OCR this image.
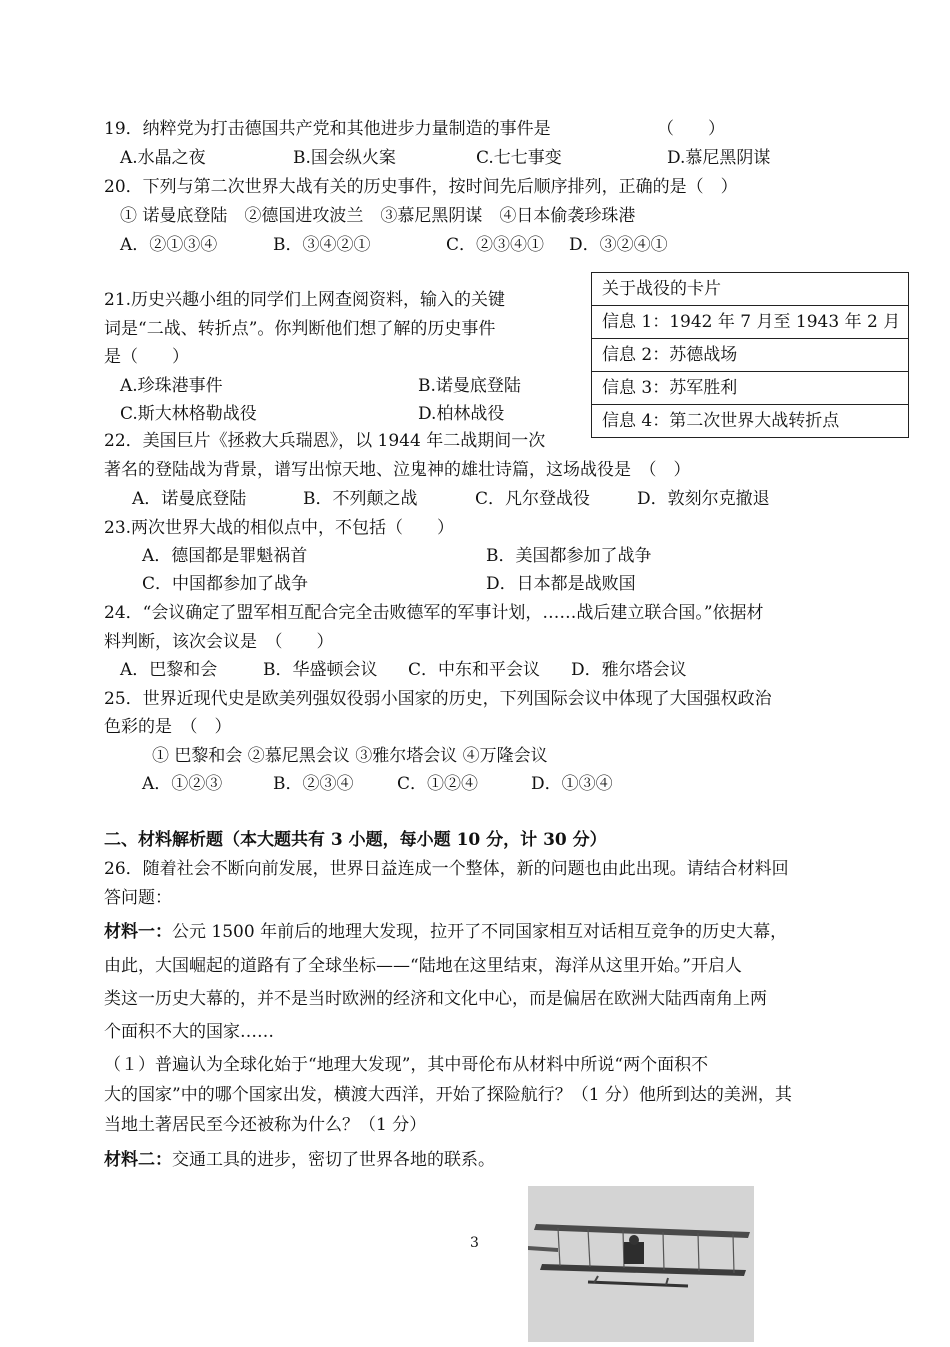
19．纳粹党为打击德国共产党和其他进步力量制造的事件是	（　　）
A.水晶之夜	B.国会纵火案	C.七七事变	D.慕尼黑阴谋
20．下列与第二次世界大战有关的历史事件，按时间先后顺序排列，正确的是（　）
① 诺曼底登陆　②德国进攻波兰　③慕尼黑阴谋　④日本偷袭珍珠港
A．②①③④	B．③④②①	C．②③④① D．③②④①
21.历史兴趣小组的同学们上网查阅资料，输入的关键
词是“二战、转折点”。你判断他们想了解的历史事件
是（　　）
A.珍珠港事件	B.诺曼底登陆
C.斯大林格勒战役	D.柏林战役
关于战役的卡片
信息 1：1942 年 7 月至 1943 年 2 月
信息 2：苏德战场
信息 3：苏军胜利
信息 4：第二次世界大战转折点
22．美国巨片《拯救大兵瑞恩》，以 1944 年二战期间一次
著名的登陆战为背景，谱写出惊天地、泣鬼神的雄壮诗篇，这场战役是　（　）
A．诺曼底登陆	B．不列颠之战	C．凡尔登战役	D．敦刻尔克撤退
23.两次世界大战的相似点中，不包括（　　）
A．德国都是罪魁祸首	B．美国都参加了战争
C．中国都参加了战争	D．日本都是战败国
24．“会议确定了盟军相互配合完全击败德军的军事计划，……战后建立联合国。”依据材
料判断，该次会议是　（　　）
A．巴黎和会	B．华盛顿会议 C．中东和平会议 D．雅尔塔会议
25．世界近现代史是欧美列强奴役弱小国家的历史，下列国际会议中体现了大国强权政治
色彩的是　（　）
① 巴黎和会 ②慕尼黑会议 ③雅尔塔会议 ④万隆会议
A．①②③	B．②③④	C．①②④	D．①③④
二、材料解析题（本大题共有 3 小题，每小题 10 分，计 30 分）
26．随着社会不断向前发展，世界日益连成一个整体，新的问题也由此出现。请结合材料回
答问题：
材料一：公元 1500 年前后的地理大发现，拉开了不同国家相互对话相互竞争的历史大幕，
由此，大国崛起的道路有了全球坐标——“陆地在这里结束，海洋从这里开始。”开启人
类这一历史大幕的，并不是当时欧洲的经济和文化中心，而是偏居在欧洲大陆西南角上两
个面积不大的国家……
（１）普遍认为全球化始于“地理大发现”，其中哥伦布从材料中所说“两个面积不
大的国家”中的哪个国家出发，横渡大西洋，开始了探险航行？（1 分）他所到达的美洲，其
当地土著居民至今还被称为什么？（1 分）
材料二：交通工具的进步，密切了世界各地的联系。
3
